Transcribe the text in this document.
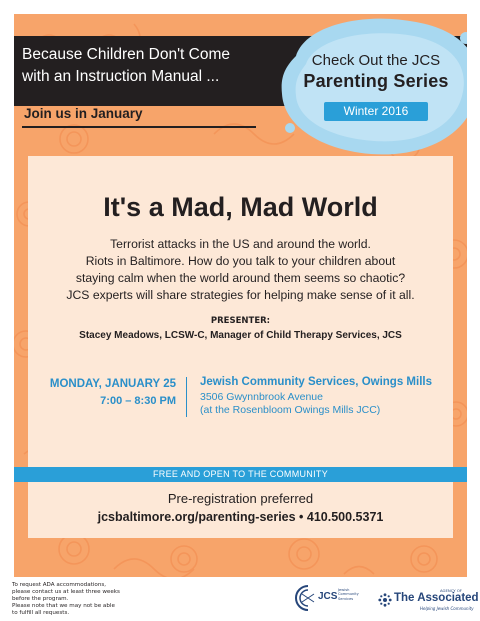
Because Children Don't Come
with an Instruction Manual ...
Check Out the JCS
Parenting Series
Winter 2016
Join us in January
It's a Mad, Mad World
Terrorist attacks in the US and around the world.
Riots in Baltimore. How do you talk to your children about
staying calm when the world around them seems so chaotic?
JCS experts will share strategies for helping make sense of it all.
PRESENTER:
Stacey Meadows, LCSW-C, Manager of Child Therapy Services, JCS
MONDAY, JANUARY 25
7:00 – 8:30 PM
Jewish Community Services, Owings Mills
3506 Gwynnbrook Avenue
(at the Rosenbloom Owings Mills JCC)
FREE AND OPEN TO THE COMMUNITY
Pre-registration preferred
jcsbaltimore.org/parenting-series • 410.500.5371
To request ADA accommodations,
please contact us at least three weeks
before the program.
Please note that we may not be able
to fulfill all requests.
JCS
Jewish
Community
Services
AGENCY OF
The Associated
Helping Jewish Community
